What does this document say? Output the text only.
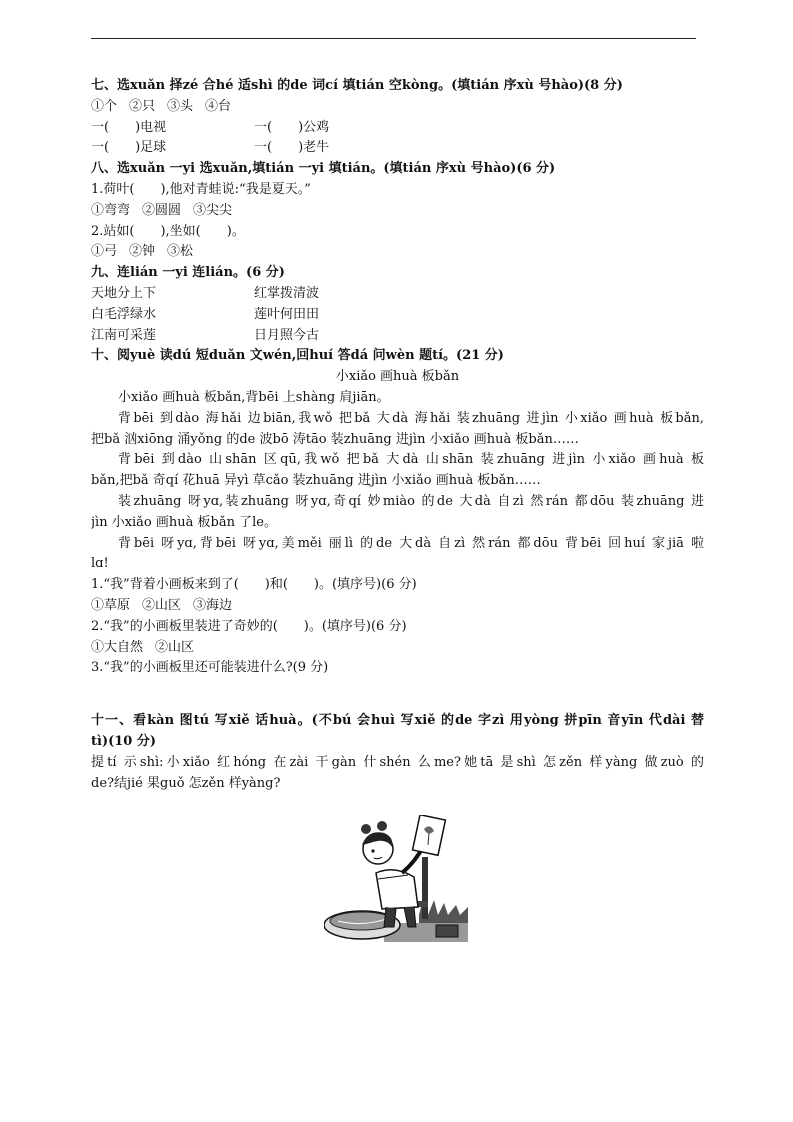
七、选xuǎn 择zé 合hé 适shì 的de 词cí 填tián 空kòng。(填tián 序xù 号hào)(8 分)
①个 ②只 ③头 ④台
一(　　)电视	一(　　)公鸡
一(　　)足球	一(　　)老牛
八、选xuǎn 一yi 选xuǎn,填tián 一yi 填tián。(填tián 序xù 号hào)(6 分)
1.荷叶(　　),他对青蛙说:“我是夏天。”
①弯弯 ②圆圆 ③尖尖
2.站如(　　),坐如(　　)。
①弓 ②钟 ③松
九、连lián 一yi 连lián。(6 分)
天地分上下	红掌拨清波
白毛浮绿水	莲叶何田田
江南可采莲	日月照今古
十、阅yuè 读dú 短duǎn 文wén,回huí 答dá 问wèn 题tí。(21 分)
小xiǎo 画huà 板bǎn
小xiǎo 画huà 板bǎn,背bēi 上shàng 肩jiān。
背bēi 到dào 海hǎi 边biān,我wǒ 把bǎ 大dà 海hǎi 装zhuāng 进jìn 小xiǎo 画huà 板bǎn,
把bǎ 汹xiōng 涌yǒng 的de 波bō 涛tāo 装zhuāng 进jìn 小xiǎo 画huà 板bǎn……
背bēi 到dào 山shān 区qū,我wǒ 把bǎ 大dà 山shān 装zhuāng 进jìn 小xiǎo 画huà 板
bǎn,把bǎ 奇qí 花huā 异yì 草cǎo 装zhuāng 进jìn 小xiǎo 画huà 板bǎn……
装zhuāng 呀yɑ,装zhuāng 呀yɑ,奇qí 妙miào 的de 大dà 自zì 然rán 都dōu 装zhuāng 进
jìn 小xiǎo 画huà 板bǎn 了le。
背bēi 呀yɑ,背bēi 呀yɑ,美měi 丽lì 的de 大dà 自zì 然rán 都dōu 背bēi 回huí 家jiā 啦
lɑ!
1.“我”背着小画板来到了(　　)和(　　)。(填序号)(6 分)
①草原 ②山区 ③海边
2.“我”的小画板里装进了奇妙的(　　)。(填序号)(6 分)
①大自然 ②山区
3.“我”的小画板里还可能装进什么?(9 分)
十一、看kàn 图tú 写xiě 话huà。(不bú 会huì 写xiě 的de 字zì 用yòng 拼pīn 音yīn 代dài 替
tì)(10 分)
提tí 示shì:小xiǎo 红hóng 在zài 干gàn 什shén 么me?她tā 是shì 怎zěn 样yàng 做zuò 的
de?结jié 果guǒ 怎zěn 样yàng?
